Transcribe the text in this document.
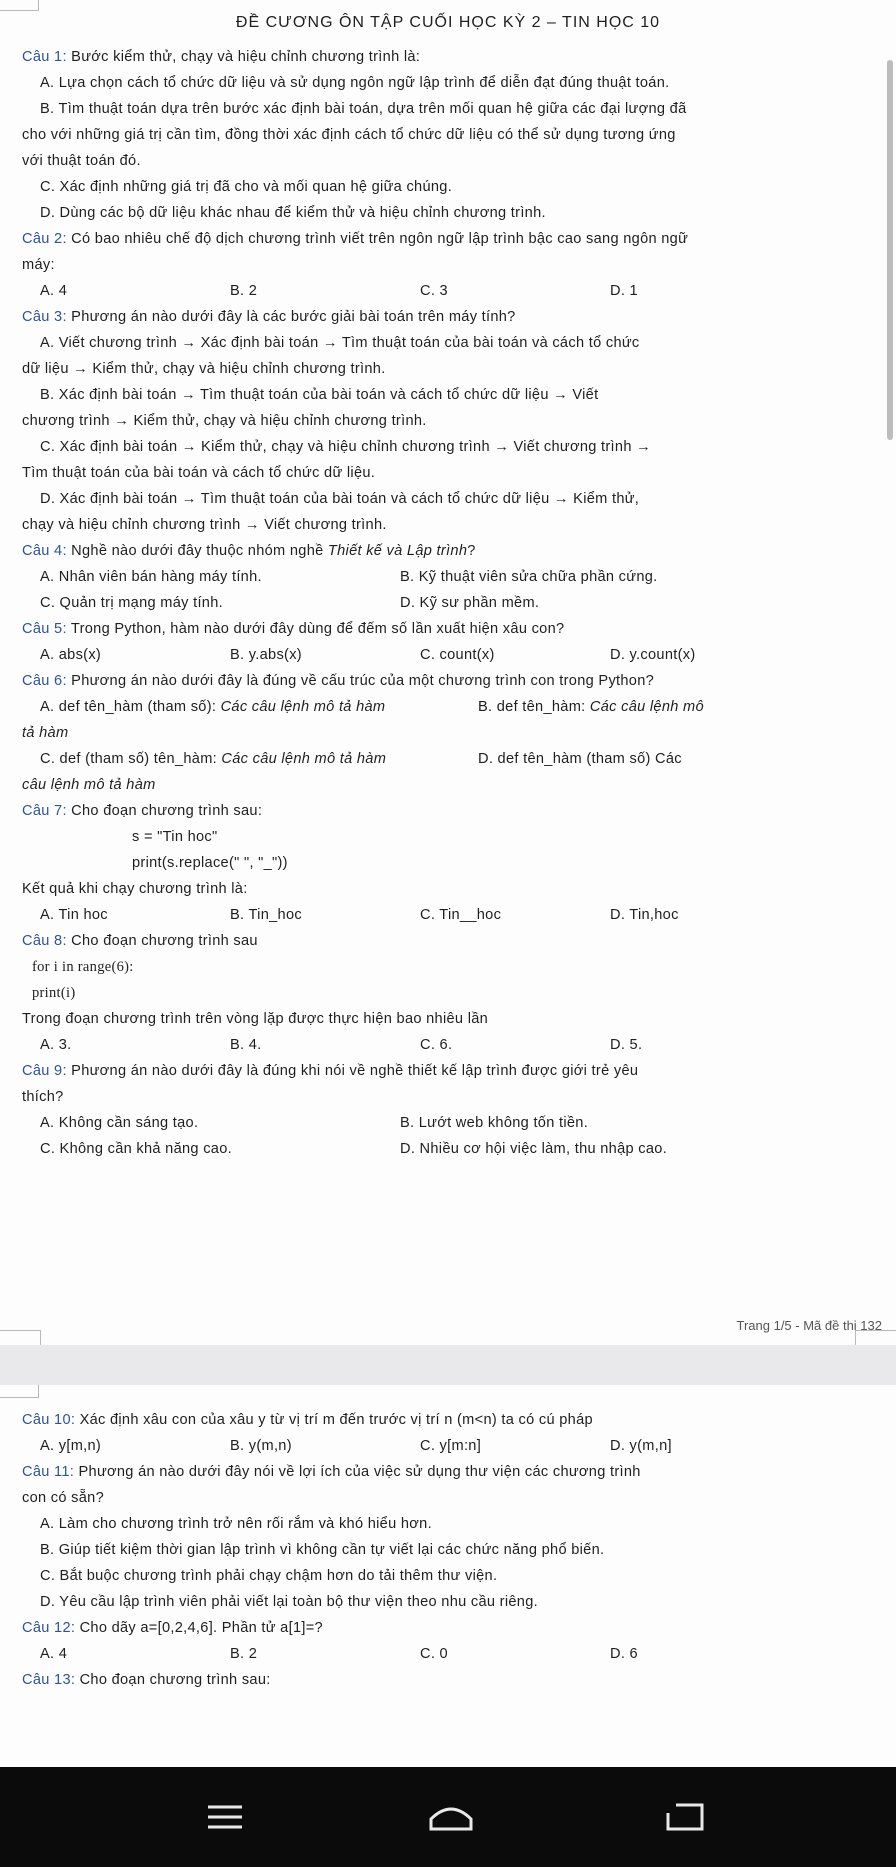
ĐỀ CƯƠNG ÔN TẬP CUỐI HỌC KỲ 2 – TIN HỌC 10
Câu 1: Bước kiểm thử, chạy và hiệu chỉnh chương trình là:
A. Lựa chọn cách tổ chức dữ liệu và sử dụng ngôn ngữ lập trình để diễn đạt đúng thuật toán.
B. Tìm thuật toán dựa trên bước xác định bài toán, dựa trên mối quan hệ giữa các đại lượng đã
cho với những giá trị cần tìm, đồng thời xác định cách tổ chức dữ liệu có thể sử dụng tương ứng
với thuật toán đó.
C. Xác định những giá trị đã cho và mối quan hệ giữa chúng.
D. Dùng các bộ dữ liệu khác nhau để kiểm thử và hiệu chỉnh chương trình.
Câu 2: Có bao nhiêu chế độ dịch chương trình viết trên ngôn ngữ lập trình bậc cao sang ngôn ngữ
máy:
A. 4	B. 2	C. 3	D. 1
Câu 3: Phương án nào dưới đây là các bước giải bài toán trên máy tính?
A. Viết chương trình → Xác định bài toán → Tìm thuật toán của bài toán và cách tổ chức
dữ liệu → Kiểm thử, chạy và hiệu chỉnh chương trình.
B. Xác định bài toán → Tìm thuật toán của bài toán và cách tổ chức dữ liệu → Viết
chương trình → Kiểm thử, chạy và hiệu chỉnh chương trình.
C. Xác định bài toán → Kiểm thử, chạy và hiệu chỉnh chương trình → Viết chương trình →
Tìm thuật toán của bài toán và cách tổ chức dữ liệu.
D. Xác định bài toán → Tìm thuật toán của bài toán và cách tổ chức dữ liệu → Kiểm thử,
chạy và hiệu chỉnh chương trình → Viết chương trình.
Câu 4: Nghề nào dưới đây thuộc nhóm nghề Thiết kế và Lập trình?
A. Nhân viên bán hàng máy tính.	B. Kỹ thuật viên sửa chữa phần cứng.
C. Quản trị mạng máy tính.	D. Kỹ sư phần mềm.
Câu 5: Trong Python, hàm nào dưới đây dùng để đếm số lần xuất hiện xâu con?
A. abs(x)	B. y.abs(x)	C. count(x)	D. y.count(x)
Câu 6: Phương án nào dưới đây là đúng về cấu trúc của một chương trình con trong Python?
A. def tên_hàm (tham số): Các câu lệnh mô tả hàm	B. def tên_hàm: Các câu lệnh mô
tả hàm
C. def (tham số) tên_hàm: Các câu lệnh mô tả hàm	D. def tên_hàm (tham số) Các
câu lệnh mô tả hàm
Câu 7: Cho đoạn chương trình sau:
s = "Tin hoc"
print(s.replace(" ", "_"))
Kết quả khi chạy chương trình là:
A. Tin hoc	B. Tin_hoc	C. Tin__hoc	D. Tin,hoc
Câu 8: Cho đoạn chương trình sau
for i in range(6):
print(i)
Trong đoạn chương trình trên vòng lặp được thực hiện bao nhiêu lần
A. 3.	B. 4.	C. 6.	D. 5.
Câu 9: Phương án nào dưới đây là đúng khi nói về nghề thiết kế lập trình được giới trẻ yêu
thích?
A. Không cần sáng tạo.	B. Lướt web không tốn tiền.
C. Không cần khả năng cao.	D. Nhiều cơ hội việc làm, thu nhập cao.
Trang 1/5 - Mã đề thi 132
Câu 10: Xác định xâu con của xâu y từ vị trí m đến trước vị trí n (m<n) ta có cú pháp
A. y[m,n)	B. y(m,n)	C. y[m:n]	D. y(m,n]
Câu 11: Phương án nào dưới đây nói về lợi ích của việc sử dụng thư viện các chương trình
con có sẵn?
A. Làm cho chương trình trở nên rối rắm và khó hiểu hơn.
B. Giúp tiết kiệm thời gian lập trình vì không cần tự viết lại các chức năng phổ biến.
C. Bắt buộc chương trình phải chạy chậm hơn do tải thêm thư viện.
D. Yêu cầu lập trình viên phải viết lại toàn bộ thư viện theo nhu cầu riêng.
Câu 12: Cho dãy a=[0,2,4,6]. Phần tử a[1]=?
A. 4	B. 2	C. 0	D. 6
Câu 13: Cho đoạn chương trình sau:
